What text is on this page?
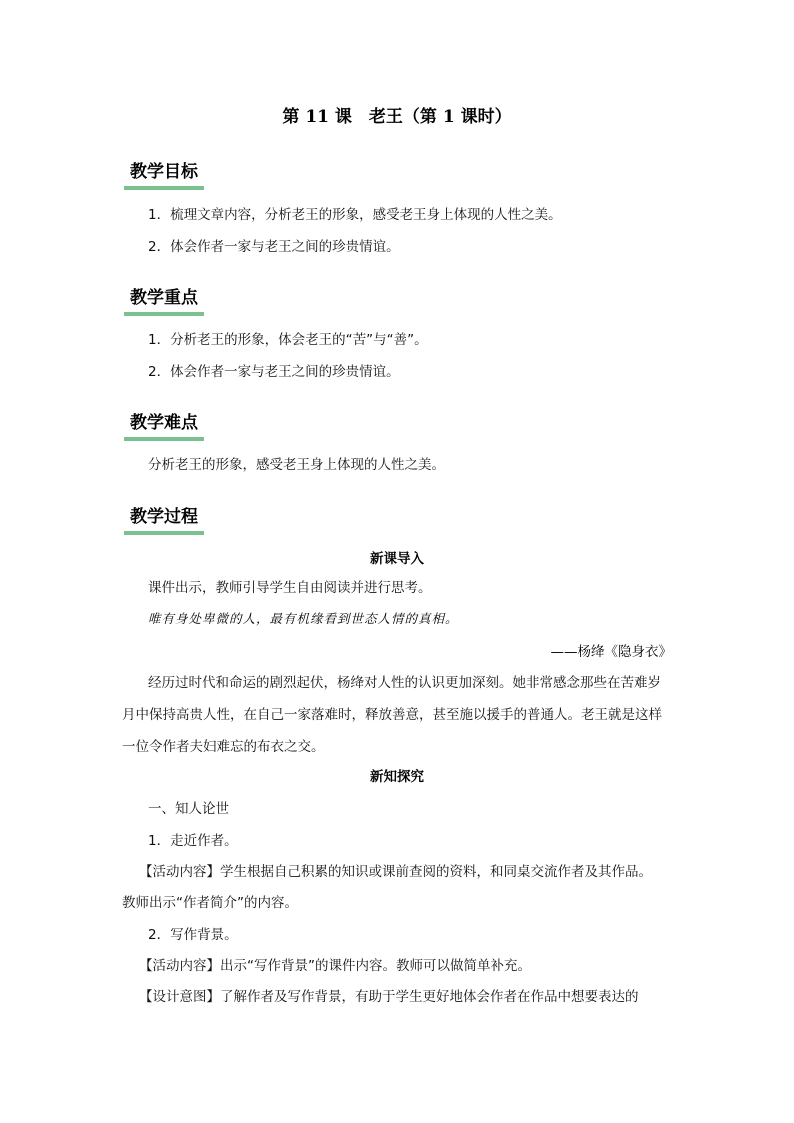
第 11 课　老王（第 1 课时）
教学目标
1．梳理文章内容，分析老王的形象，感受老王身上体现的人性之美。
2．体会作者一家与老王之间的珍贵情谊。
教学重点
1．分析老王的形象，体会老王的“苦”与“善”。
2．体会作者一家与老王之间的珍贵情谊。
教学难点
分析老王的形象，感受老王身上体现的人性之美。
教学过程
新课导入
课件出示，教师引导学生自由阅读并进行思考。
唯有身处卑微的人，最有机缘看到世态人情的真相。
——杨绛《隐身衣》
经历过时代和命运的剧烈起伏，杨绛对人性的认识更加深刻。她非常感念那些在苦难岁
月中保持高贵人性，在自己一家落难时，释放善意，甚至施以援手的普通人。老王就是这样
一位令作者夫妇难忘的布衣之交。
新知探究
一、知人论世
1．走近作者。
【活动内容】学生根据自己积累的知识或课前查阅的资料，和同桌交流作者及其作品。
教师出示“作者简介”的内容。
2．写作背景。
【活动内容】出示“写作背景”的课件内容。教师可以做简单补充。
【设计意图】了解作者及写作背景，有助于学生更好地体会作者在作品中想要表达的
